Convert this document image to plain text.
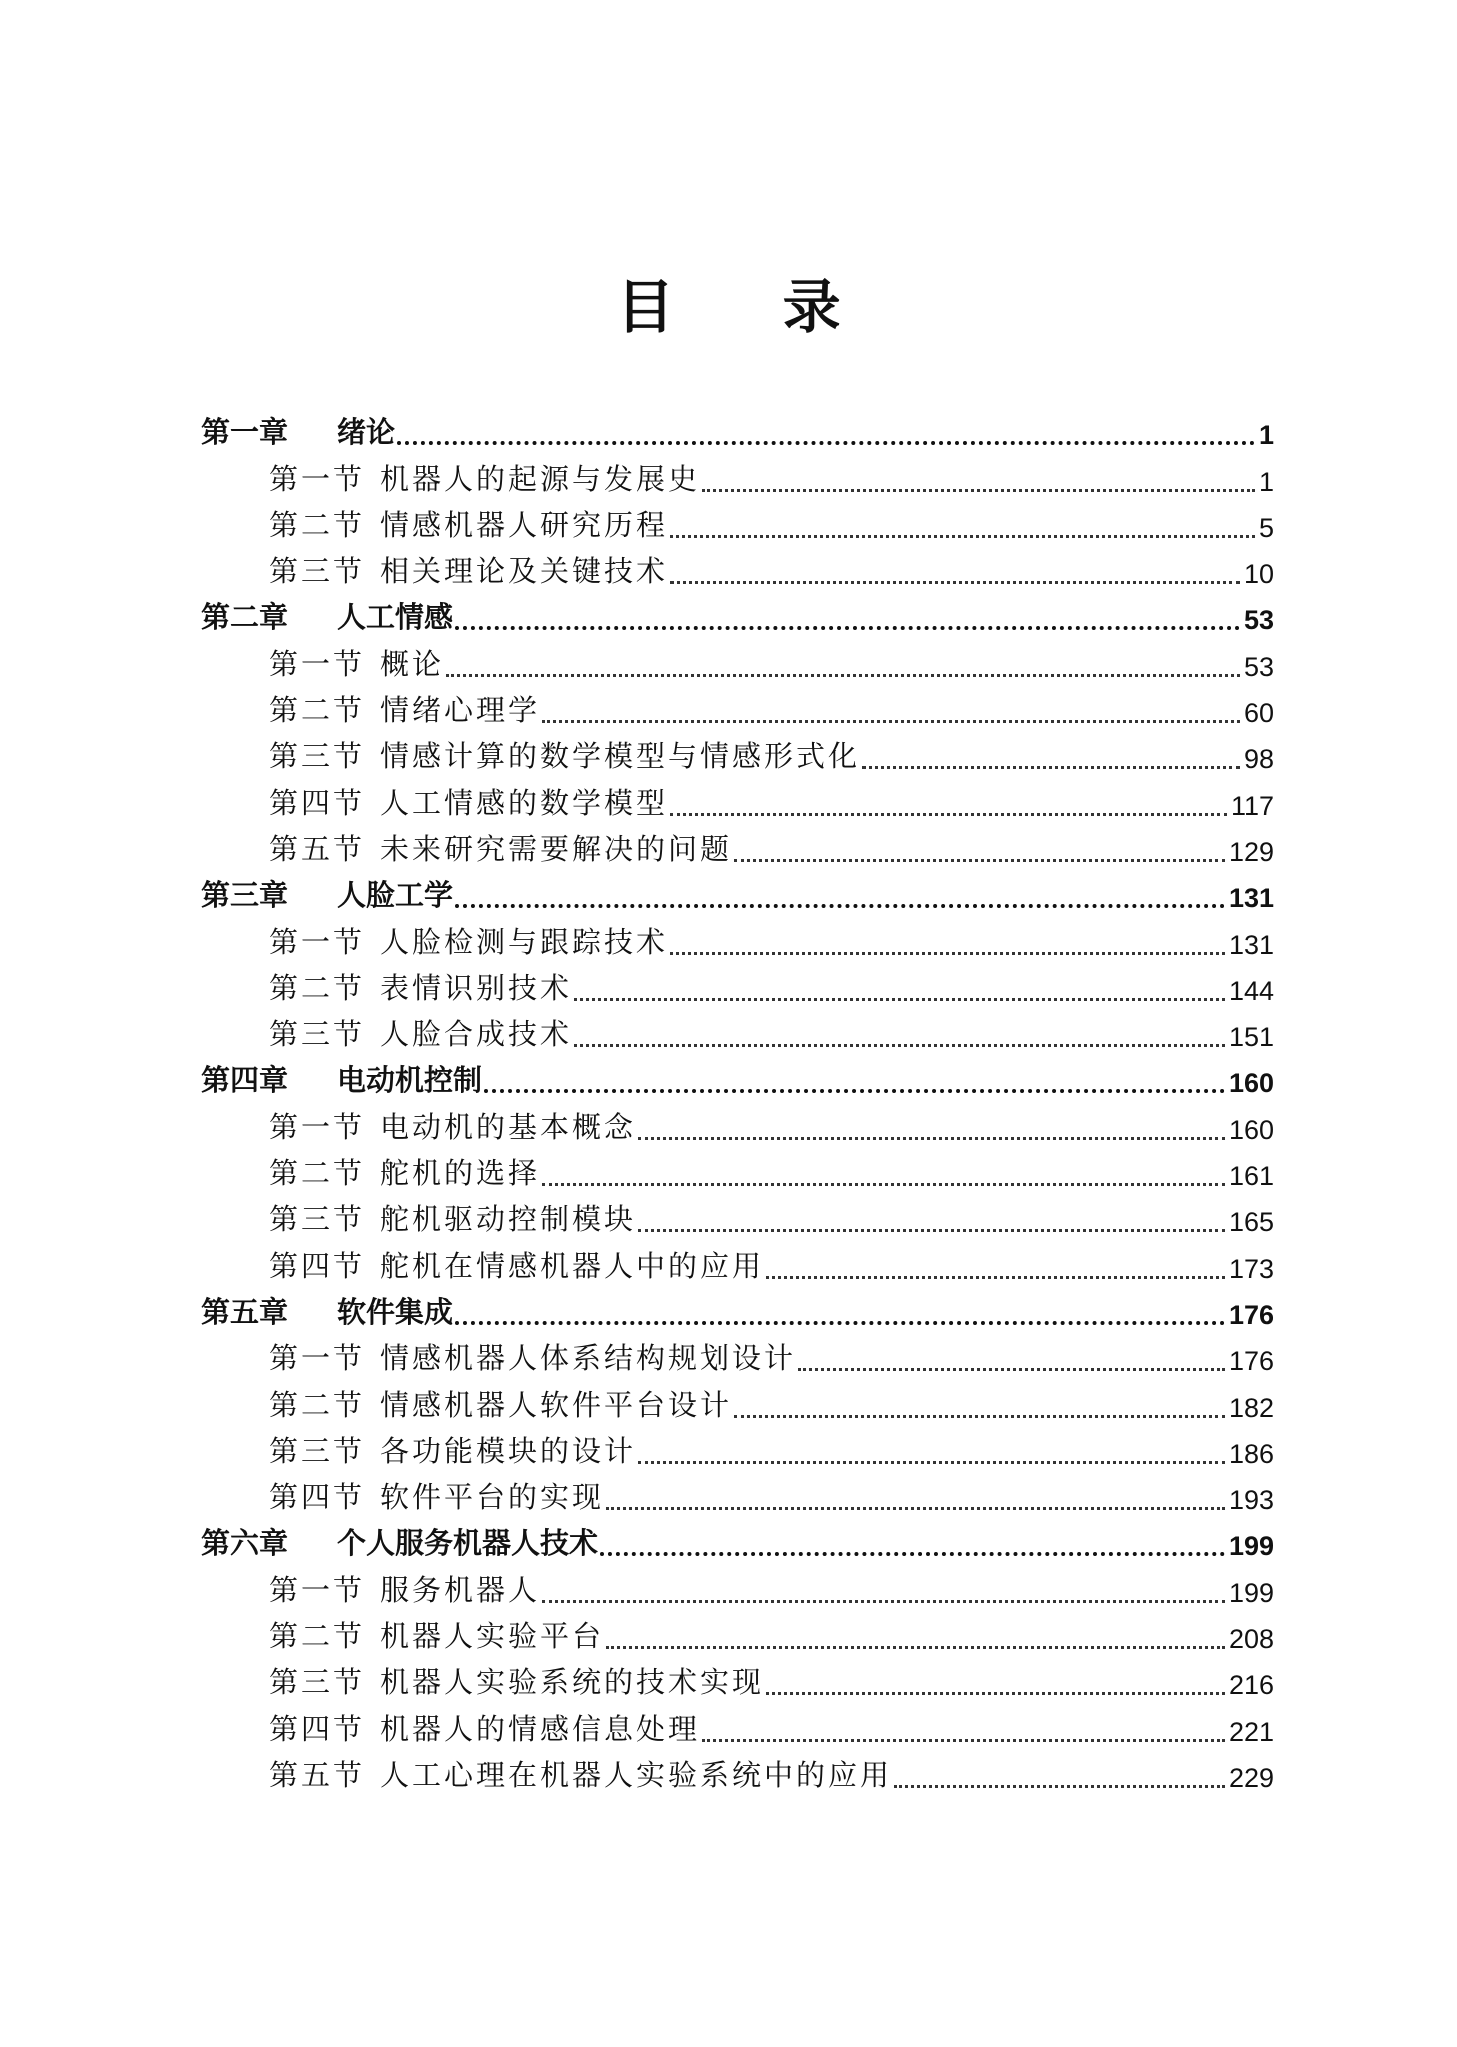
目 录
第一章	绪论	1
第一节 机器人的起源与发展史	1
第二节 情感机器人研究历程	5
第三节 相关理论及关键技术	10
第二章	人工情感	53
第一节 概论	53
第二节 情绪心理学	60
第三节 情感计算的数学模型与情感形式化	98
第四节 人工情感的数学模型	117
第五节 未来研究需要解决的问题	129
第三章	人脸工学	131
第一节 人脸检测与跟踪技术	131
第二节 表情识别技术	144
第三节 人脸合成技术	151
第四章	电动机控制	160
第一节 电动机的基本概念	160
第二节 舵机的选择	161
第三节 舵机驱动控制模块	165
第四节 舵机在情感机器人中的应用	173
第五章	软件集成	176
第一节 情感机器人体系结构规划设计	176
第二节 情感机器人软件平台设计	182
第三节 各功能模块的设计	186
第四节 软件平台的实现	193
第六章	个人服务机器人技术	199
第一节 服务机器人	199
第二节 机器人实验平台	208
第三节 机器人实验系统的技术实现	216
第四节 机器人的情感信息处理	221
第五节 人工心理在机器人实验系统中的应用	229
